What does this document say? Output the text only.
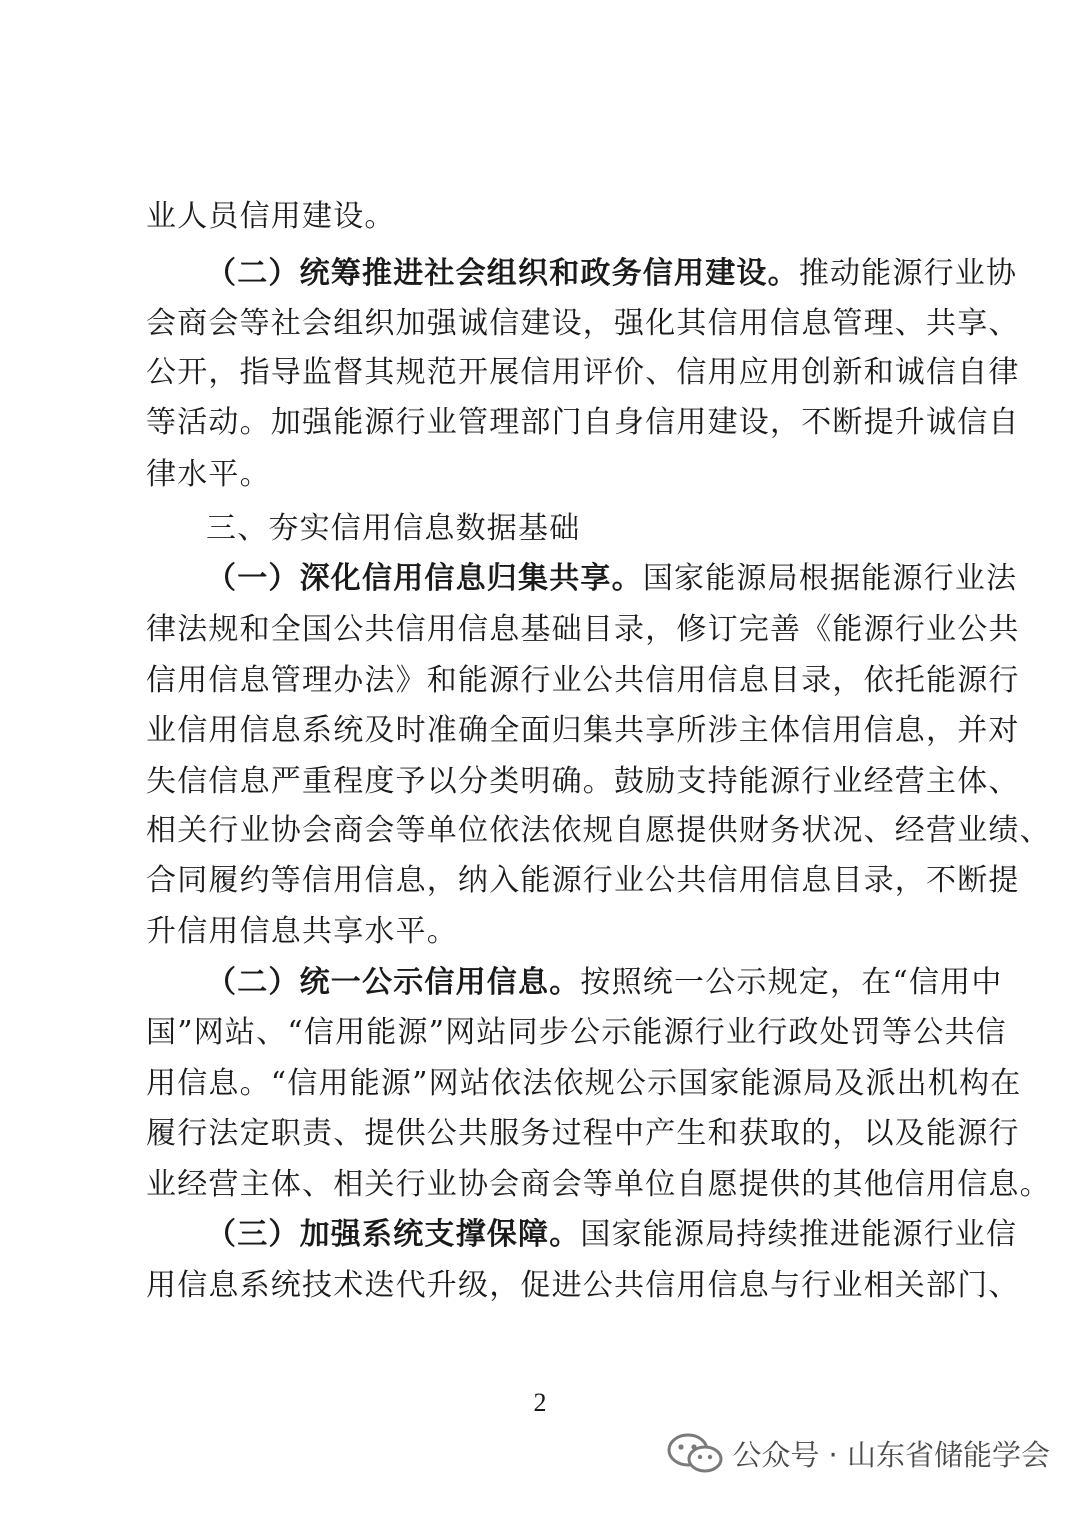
业人员信用建设。
（二）统筹推进社会组织和政务信用建设。推动能源行业协
会商会等社会组织加强诚信建设，强化其信用信息管理、共享、
公开，指导监督其规范开展信用评价、信用应用创新和诚信自律
等活动。加强能源行业管理部门自身信用建设，不断提升诚信自
律水平。
三、夯实信用信息数据基础
（一）深化信用信息归集共享。国家能源局根据能源行业法
律法规和全国公共信用信息基础目录，修订完善《能源行业公共
信用信息管理办法》和能源行业公共信用信息目录，依托能源行
业信用信息系统及时准确全面归集共享所涉主体信用信息，并对
失信信息严重程度予以分类明确。鼓励支持能源行业经营主体、
相关行业协会商会等单位依法依规自愿提供财务状况、经营业绩、
合同履约等信用信息，纳入能源行业公共信用信息目录，不断提
升信用信息共享水平。
（二）统一公示信用信息。按照统一公示规定，在“信用中
国”网站、“信用能源”网站同步公示能源行业行政处罚等公共信
用信息。“信用能源”网站依法依规公示国家能源局及派出机构在
履行法定职责、提供公共服务过程中产生和获取的，以及能源行
业经营主体、相关行业协会商会等单位自愿提供的其他信用信息。
（三）加强系统支撑保障。国家能源局持续推进能源行业信
用信息系统技术迭代升级，促进公共信用信息与行业相关部门、
2
公众号 · 山东省储能学会
